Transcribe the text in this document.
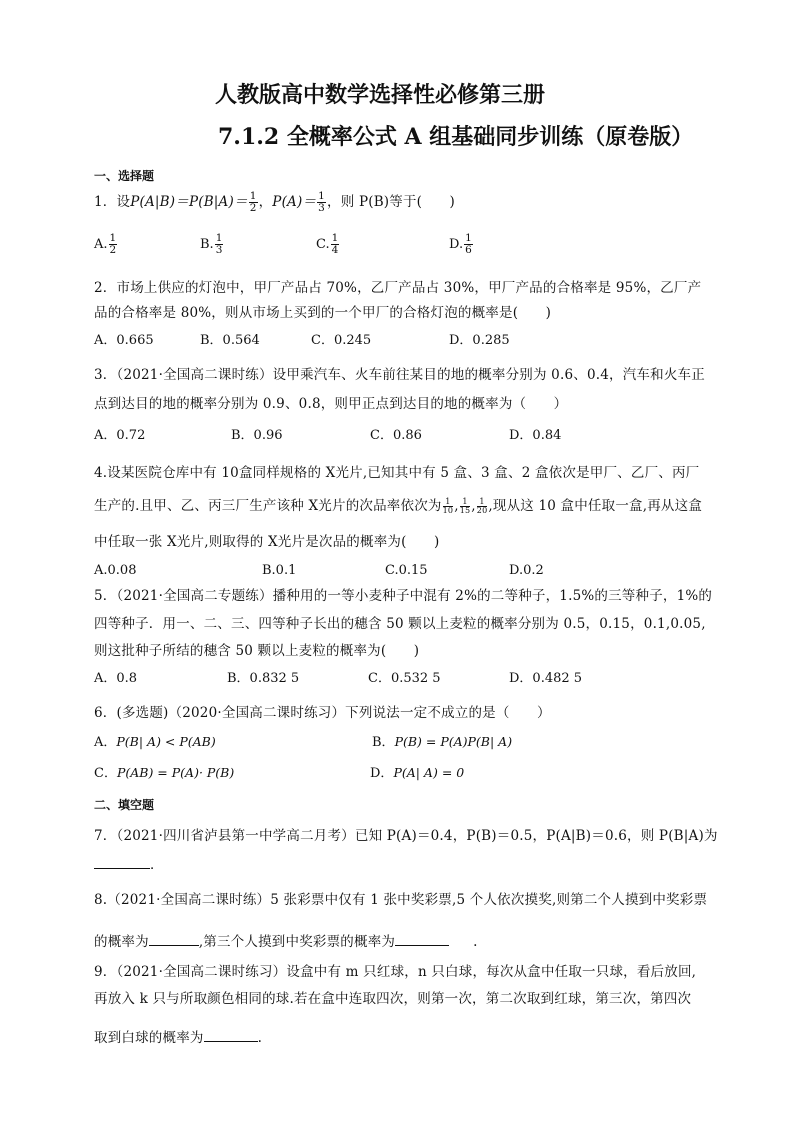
人教版高中数学选择性必修第三册
7.1.2 全概率公式 A 组基础同步训练（原卷版）
一、选择题
1．设$P(A|B)=P(B|A)= \frac{1}{2}$ ，$P(A)= \frac{1}{3}$ ，则 P(B)等于(　　)
A. $\frac{1}{2}$	B. $\frac{1}{3}$	C. $\frac{1}{4}$	D. $\frac{1}{6}$
2．市场上供应的灯泡中，甲厂产品占 70%，乙厂产品占 30%，甲厂产品的合格率是 95%，乙厂产
品的合格率是 80%，则从市场上买到的一个甲厂的合格灯泡的概率是(　　)
A．0.665	B．0.564	C．0.245	D．0.285
3．（2021·全国高二课时练）设甲乘汽车、火车前往某目的地的概率分别为 0.6、0.4，汽车和火车正
点到达目的地的概率分别为 0.9、0.8，则甲正点到达目的地的概率为（　　）
A．0.72	B．0.96	C．0.86	D．0.84
4.设某医院仓库中有 10盒同样规格的 X光片,已知其中有 5 盒、3 盒、2 盒依次是甲厂、乙厂、丙厂
生产的.且甲、乙、丙三厂生产该种 X光片的次品率依次为 $\frac{1}{10}$ , $\frac{1}{15}$ , $\frac{1}{20}$ ,现从这 10 盒中任取一盒,再从这盒
中任取一张 X光片,则取得的 X光片是次品的概率为(　　)
A.0.08	B.0.1	C.0.15	D.0.2
5．（2021·全国高二专题练）播种用的一等小麦种子中混有 2%的二等种子，1.5%的三等种子，1%的
四等种子．用一、二、三、四等种子长出的穗含 50 颗以上麦粒的概率分别为 0.5，0.15，0.1,0.05,
则这批种子所结的穗含 50 颗以上麦粒的概率为(　　)
A．0.8	B．0.832 5	C．0.532 5	D．0.482 5
6．(多选题)（2020·全国高二课时练习）下列说法一定不成立的是（　　）
A．P(B| A) < P(AB)	B．P(B) = P(A)P(B| A)
C．P(AB) = P(A)· P(B)	D．P(A| A) = 0
二、填空题
7．（2021·四川省泸县第一中学高二月考）已知 P(A)＝0.4，P(B)＝0.5，P(A|B)＝0.6，则 P(B|A)为
．
8.（2021·全国高二课时练）5 张彩票中仅有 1 张中奖彩票,5 个人依次摸奖,则第二个人摸到中奖彩票
的概率为	,第三个人摸到中奖彩票的概率为	.
9．（2021·全国高二课时练习）设盒中有 m 只红球，n 只白球，每次从盒中任取一只球，看后放回,
再放入 k 只与所取颜色相同的球.若在盒中连取四次，则第一次，第二次取到红球，第三次，第四次
取到白球的概率为	.
